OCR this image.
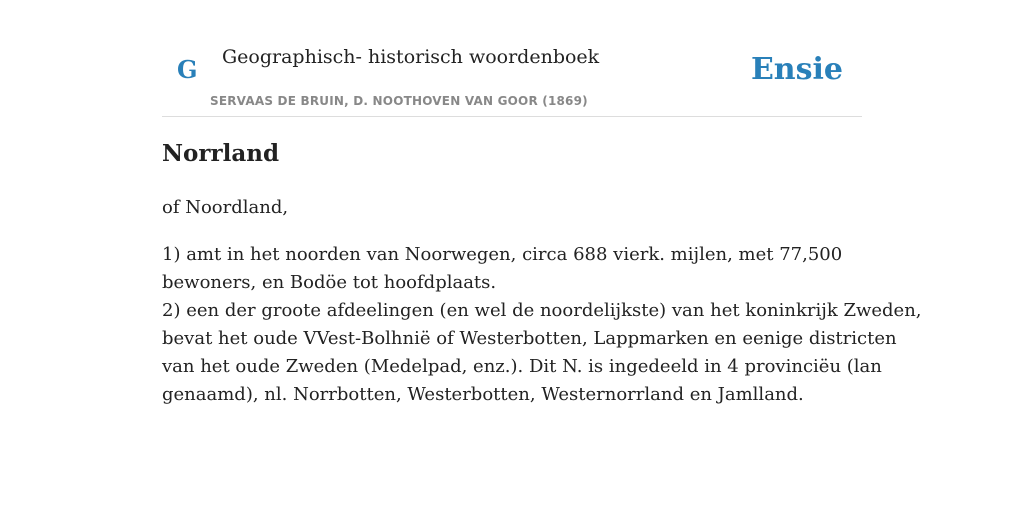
G Geographisch- historisch woordenboek
SERVAAS DE BRUIN, D. NOOTHOVEN VAN GOOR (1869)
Ensie
Norrland

of Noordland,

1) amt in het noorden van Noorwegen, circa 688 vierk. mijlen, met 77,500
bewoners, en Bodöe tot hoofdplaats.
2) een der groote afdeelingen (en wel de noordelijkste) van het koninkrijk Zweden,
bevat het oude VVest-Bolhnië of Westerbotten, Lappmarken en eenige districten
van het oude Zweden (Medelpad, enz.). Dit N. is ingedeeld in 4 provinciëu (lan
genaamd), nl. Norrbotten, Westerbotten, Westernorrland en Jamlland.
